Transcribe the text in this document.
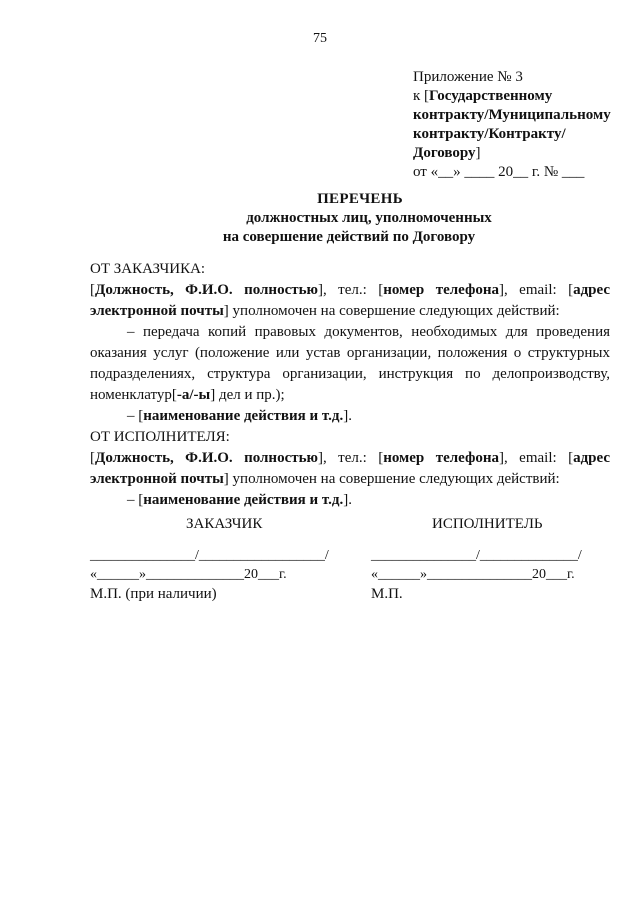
75
Приложение № 3
к [Государственному
контракту/Муниципальному
контракту/Контракту/
Договору]
от «__» ____ 20__ г. № ___
ПЕРЕЧЕНЬ
должностных лиц, уполномоченных
на совершение действий по Договору
ОТ ЗАКАЗЧИКА:
[Должность, Ф.И.О. полностью], тел.: [номер телефона], email: [адрес электронной почты] уполномочен на совершение следующих действий:
– передача копий правовых документов, необходимых для проведения оказания услуг (положение или устав организации, положения о структурных подразделениях, структура организации, инструкция по делопроизводству, номенклатур[-а/-ы] дел и пр.);
– [наименование действия и т.д.].
ОТ ИСПОЛНИТЕЛЯ:
[Должность, Ф.И.О. полностью], тел.: [номер телефона], email: [адрес электронной почты] уполномочен на совершение следующих действий:
– [наименование действия и т.д.].
ЗАКАЗЧИК	ИСПОЛНИТЕЛЬ
_______________/__________________/	_______________/______________/
«______»______________20___г.	«______»_______________20___г.
М.П. (при наличии)	М.П.
